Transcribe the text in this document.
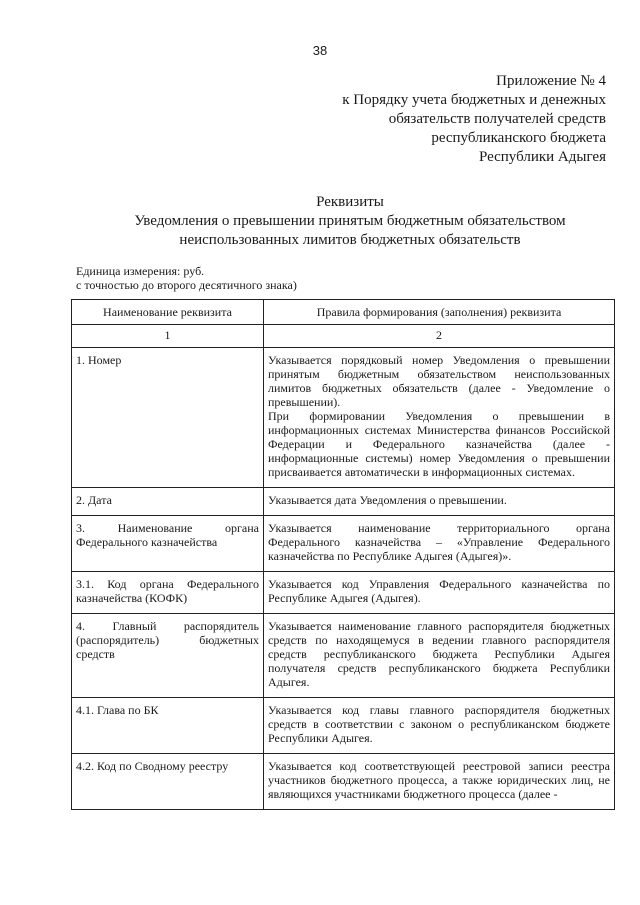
38
Приложение № 4
к Порядку учета бюджетных и денежных
обязательств получателей средств
республиканского бюджета
Республики Адыгея
Реквизиты
Уведомления о превышении принятым бюджетным обязательством
неиспользованных лимитов бюджетных обязательств
Единица измерения: руб.
с точностью до второго десятичного знака)
Наименование реквизита	Правила формирования (заполнения) реквизита
1	2
1. Номер	Указывается порядковый номер Уведомления о превышении принятым бюджетным обязательством неиспользованных лимитов бюджетных обязательств (далее - Уведомление о превышении).
При формировании Уведомления о превышении в информационных системах Министерства финансов Российской Федерации и Федерального казначейства (далее - информационные системы) номер Уведомления о превышении присваивается автоматически в информационных системах.

2. Дата	Указывается дата Уведомления о превышении.
3. Наименование органа Федерального казначейства	Указывается наименование территориального органа Федерального казначейства – «Управление Федерального казначейства по Республике Адыгея (Адыгея)».
3.1. Код органа Федерального казначейства (КОФК)	Указывается код Управления Федерального казначейства по Республике Адыгея (Адыгея).
4. Главный распорядитель (распорядитель) бюджетных средств	Указывается наименование главного распорядителя бюджетных средств по находящемуся в ведении главного распорядителя средств республиканского бюджета Республики Адыгея получателя средств республиканского бюджета Республики Адыгея.
4.1. Глава по БК	Указывается код главы главного распорядителя бюджетных средств в соответствии с законом о республиканском бюджете Республики Адыгея.
4.2. Код по Сводному реестру	Указывается код соответствующей реестровой записи реестра участников бюджетного процесса, а также юридических лиц, не являющихся участниками бюджетного процесса (далее -
